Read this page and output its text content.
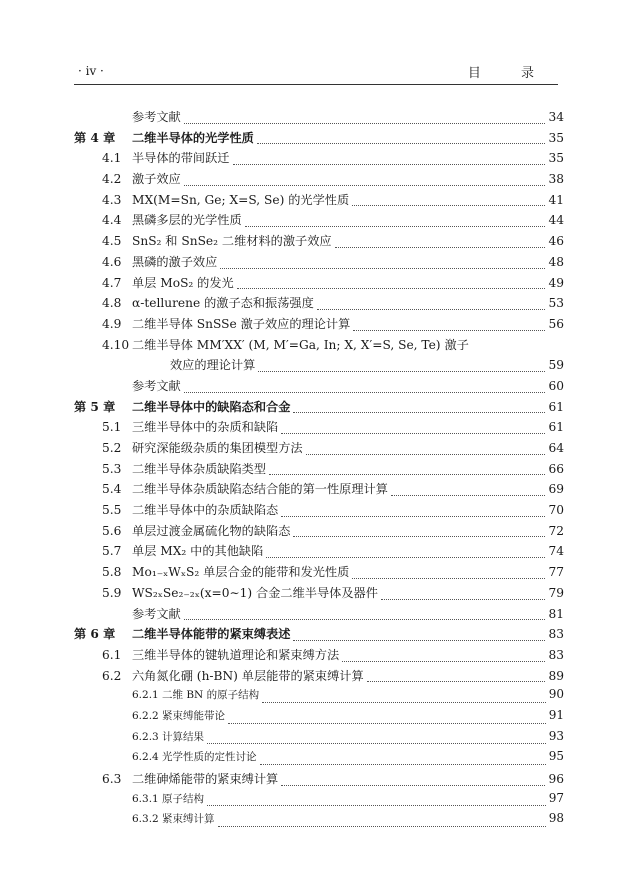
· iv ·	目 录
参考文献	34
第 4 章	二维半导体的光学性质	35
4.1 半导体的带间跃迁	35
4.2 激子效应	38
4.3 MX(M=Sn, Ge; X=S, Se) 的光学性质	41
4.4 黑磷多层的光学性质	44
4.5 SnS₂ 和 SnSe₂ 二维材料的激子效应	46
4.6 黑磷的激子效应	48
4.7 单层 MoS₂ 的发光	49
4.8 α-tellurene 的激子态和振荡强度	53
4.9 二维半导体 SnSSe 激子效应的理论计算	56
4.10 二维半导体 MM′XX′ (M, M′=Ga, In; X, X′=S, Se, Te) 激子
效应的理论计算	59
参考文献	60
第 5 章	二维半导体中的缺陷态和合金	61
5.1 三维半导体中的杂质和缺陷	61
5.2 研究深能级杂质的集团模型方法	64
5.3 二维半导体杂质缺陷类型	66
5.4 二维半导体杂质缺陷态结合能的第一性原理计算	69
5.5 二维半导体中的杂质缺陷态	70
5.6 单层过渡金属硫化物的缺陷态	72
5.7 单层 MX₂ 中的其他缺陷	74
5.8 Mo₁₋ₓWₓS₂ 单层合金的能带和发光性质	77
5.9 WS₂ₓSe₂₋₂ₓ(x=0∼1) 合金二维半导体及器件	79
参考文献	81
第 6 章	二维半导体能带的紧束缚表述	83
6.1 三维半导体的键轨道理论和紧束缚方法	83
6.2 六角氮化硼 (h-BN) 单层能带的紧束缚计算	89
6.2.1 二维 BN 的原子结构	90
6.2.2 紧束缚能带论	91
6.2.3 计算结果	93
6.2.4 光学性质的定性讨论	95
6.3 二维砷烯能带的紧束缚计算	96
6.3.1 原子结构	97
6.3.2 紧束缚计算	98
